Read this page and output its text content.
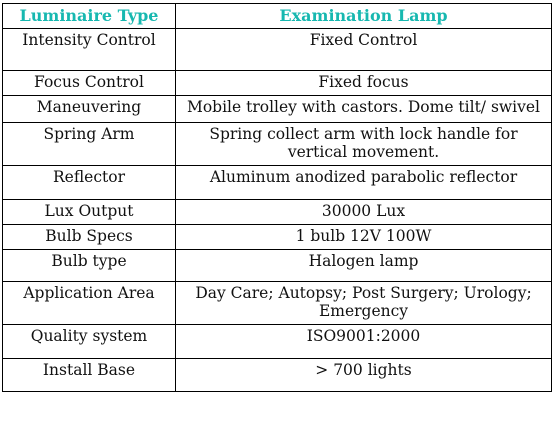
Luminaire Type	Examination Lamp
Intensity Control	Fixed Control
Focus Control	Fixed focus
Maneuvering	Mobile trolley with castors. Dome tilt/ swivel
Spring Arm	Spring collect arm with lock handle for vertical movement.
Reflector	Aluminum anodized parabolic reflector
Lux Output	30000 Lux
Bulb Specs	1 bulb 12V 100W
Bulb type	Halogen lamp
Application Area	Day Care; Autopsy; Post Surgery; Urology; Emergency
Quality system	ISO9001:2000
Install Base	> 700 lights
